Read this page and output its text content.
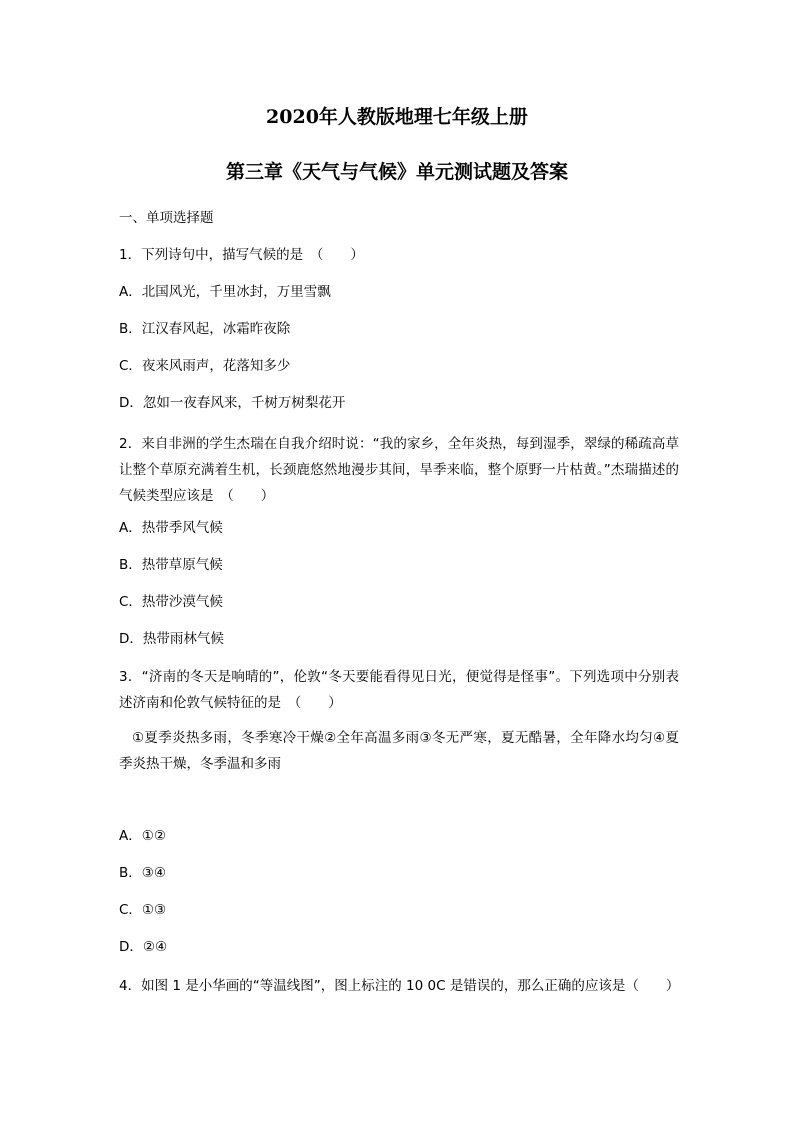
2020年人教版地理七年级上册
第三章《天气与气候》单元测试题及答案
一、单项选择题
1．下列诗句中，描写气候的是　（　　）
A．北国风光，千里冰封，万里雪飘
B．江汉春风起，冰霜昨夜除
C．夜来风雨声，花落知多少
D．忽如一夜春风来，千树万树梨花开
2．来自非洲的学生杰瑞在自我介绍时说：“我的家乡，全年炎热，每到湿季，翠绿的稀疏高草让整个草原充满着生机，长颈鹿悠然地漫步其间，旱季来临，整个原野一片枯黄。”杰瑞描述的气候类型应该是　（　　）
A．热带季风气候
B．热带草原气候
C．热带沙漠气候
D．热带雨林气候
3．“济南的冬天是响晴的”，伦敦“冬天要能看得见日光，便觉得是怪事”。下列选项中分别表述济南和伦敦气候特征的是　（　　）
①夏季炎热多雨，冬季寒冷干燥②全年高温多雨③冬无严寒，夏无酷暑，全年降水均匀④夏季炎热干燥，冬季温和多雨
A．①②
B．③④
C．①③
D．②④
4．如图 1 是小华画的“等温线图”，图上标注的 10 0C 是错误的，那么正确的应该是（　　）
